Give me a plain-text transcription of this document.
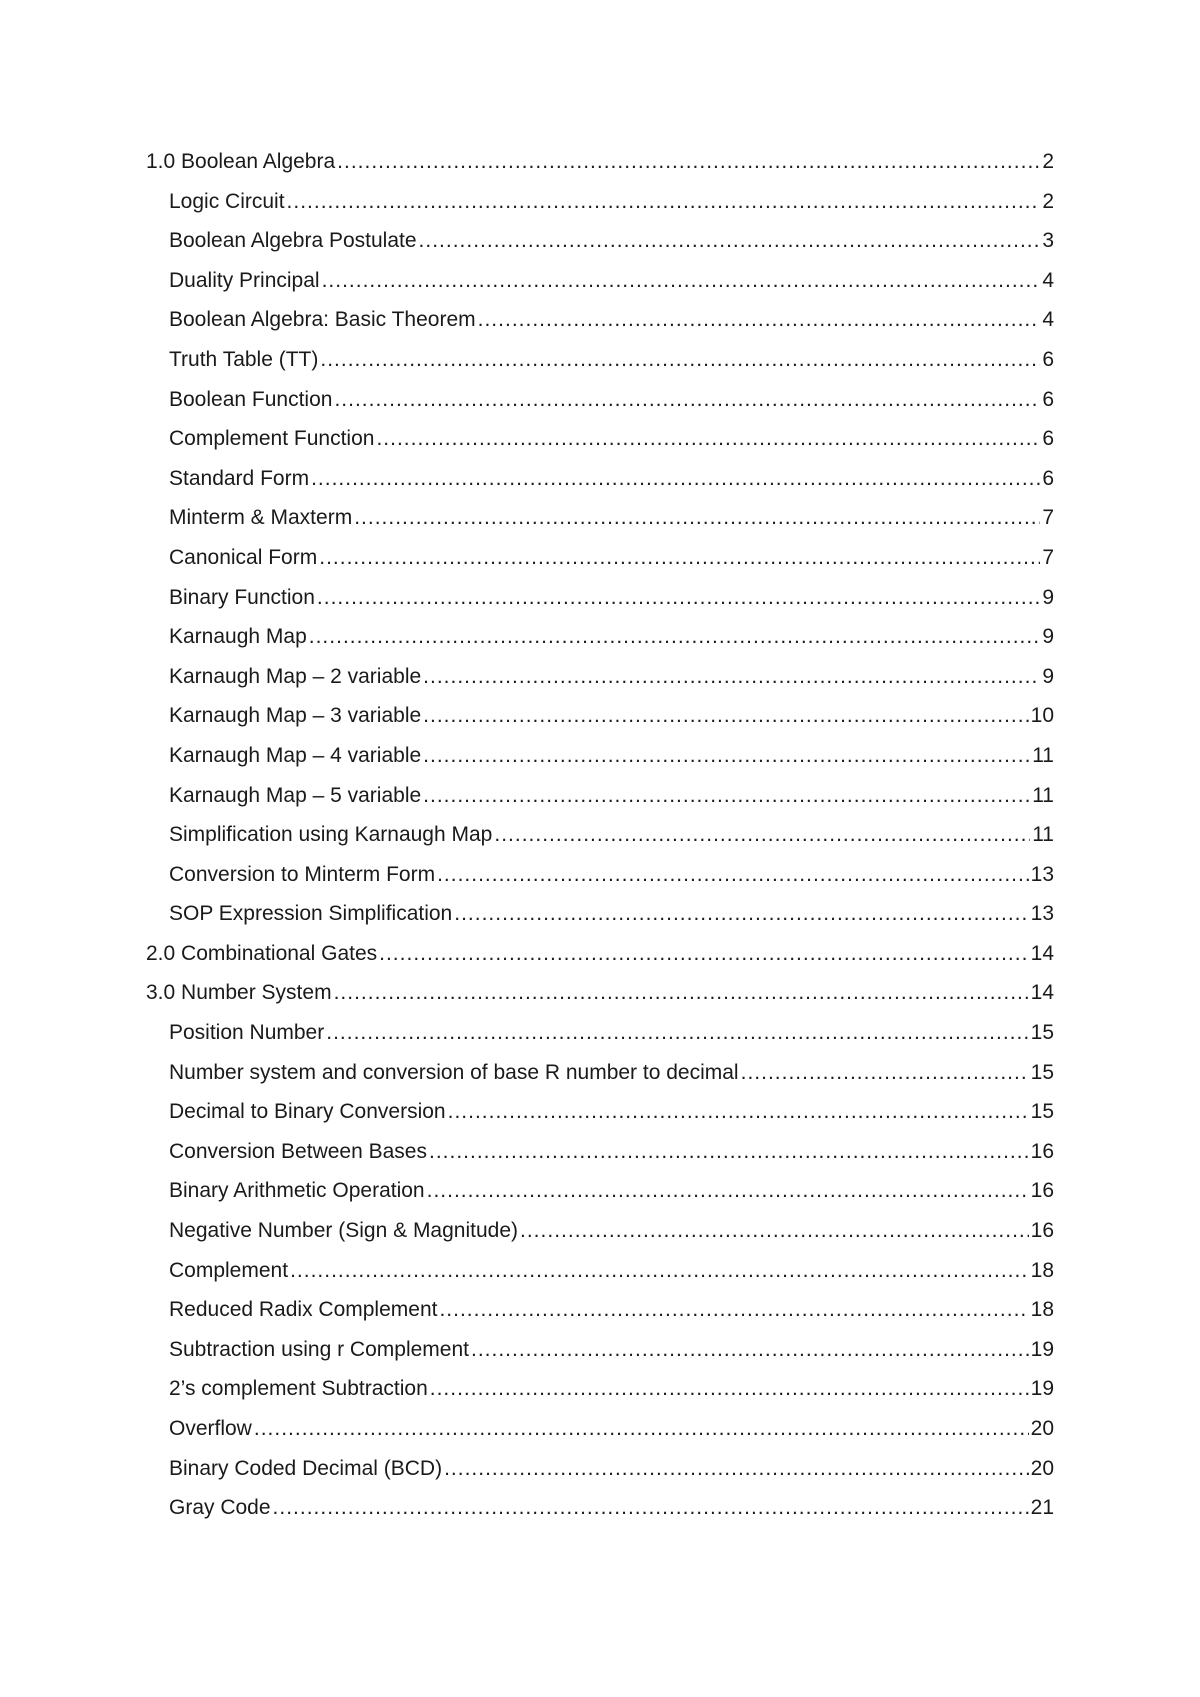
1.0 Boolean Algebra .....	2
Logic Circuit .....	2
Boolean Algebra Postulate .....	3
Duality Principal .....	4
Boolean Algebra: Basic Theorem .....	4
Truth Table (TT) .....	6
Boolean Function .....	6
Complement Function .....	6
Standard Form .....	6
Minterm & Maxterm .....	7
Canonical Form .....	7
Binary Function .....	9
Karnaugh Map .....	9
Karnaugh Map – 2 variable .....	9
Karnaugh Map – 3 variable .....	10
Karnaugh Map – 4 variable .....	11
Karnaugh Map – 5 variable .....	11
Simplification using Karnaugh Map .....	11
Conversion to Minterm Form .....	13
SOP Expression Simplification .....	13
2.0 Combinational Gates .....	14
3.0 Number System .....	14
Position Number .....	15
Number system and conversion of base R number to decimal .....	15
Decimal to Binary Conversion .....	15
Conversion Between Bases .....	16
Binary Arithmetic Operation .....	16
Negative Number (Sign & Magnitude) .....	16
Complement .....	18
Reduced Radix Complement .....	18
Subtraction using r Complement .....	19
2’s complement Subtraction .....	19
Overflow .....	20
Binary Coded Decimal (BCD) .....	20
Gray Code .....	21
